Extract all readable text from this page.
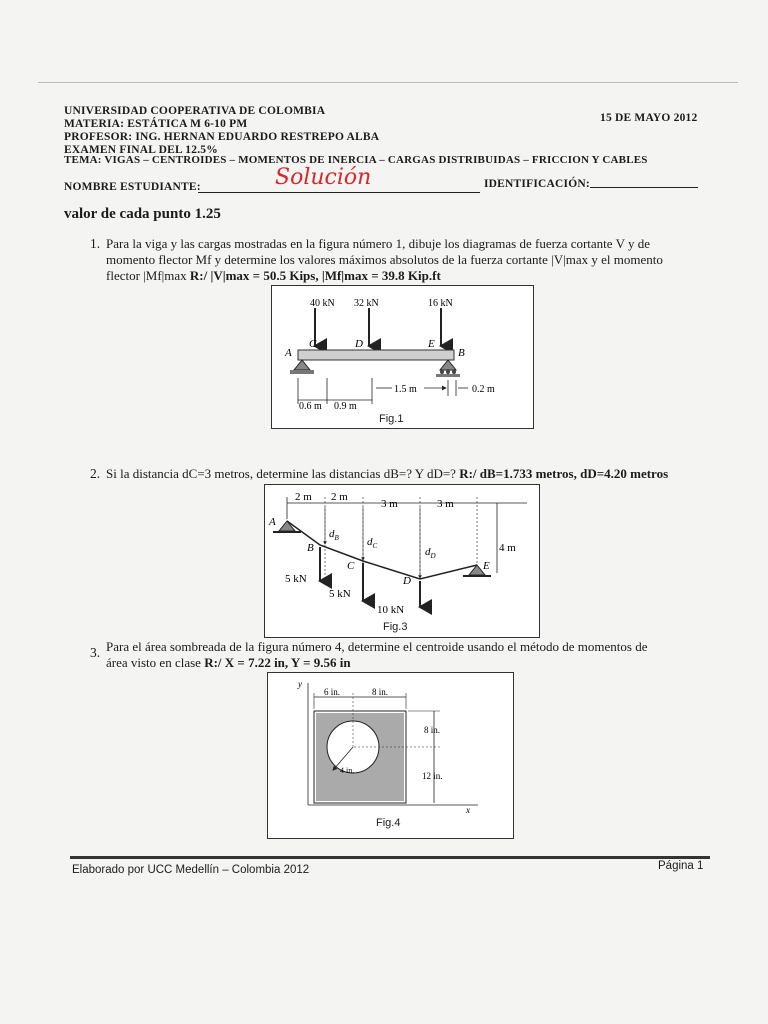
UNIVERSIDAD COOPERATIVA DE COLOMBIA
MATERIA: ESTÁTICA M 6-10 PM
PROFESOR: ING. HERNAN EDUARDO RESTREPO ALBA
EXAMEN FINAL DEL 12.5%
15 DE MAYO 2012
TEMA: VIGAS – CENTROIDES – MOMENTOS DE INERCIA – CARGAS DISTRIBUIDAS – FRICCION Y CABLES
NOMBRE ESTUDIANTE:	Solución	IDENTIFICACIÓN:
valor de cada punto 1.25
1. Para la viga y las cargas mostradas en la figura número 1, dibuje los diagramas de fuerza cortante V y de
momento flector Mf y determine los valores máximos absolutos de la fuerza cortante |V|max y el momento
flector |Mf|max R:/ |V|max = 50.5 Kips, |Mf|max = 39.8 Kip.ft
40 kN 32 kN	16 kN
A
C	D	E
B
0.6 m 0.9 m
1.5 m	0.2 m
Fig.1
2. Si la distancia dC=3 metros, determine las distancias dB=? Y dD=? R:/ dB=1.733 metros, dD=4.20 metros
2 m 2 m
3 m	3 m
4 m
A
B
C
D
E
$d_B$	$d_C$	$d_D$
5 kN
5 kN
10 kN
Fig.3
3. Para el área sombreada de la figura número 4, determine el centroide usando el método de momentos de
área visto en clase R:/ X = 7.22 in, Y = 9.56 in
y
x
6 in.	8 in.
8 in.
12 in.
4 in.
Fig.4
Elaborado por UCC Medellín – Colombia 2012	Página 1
